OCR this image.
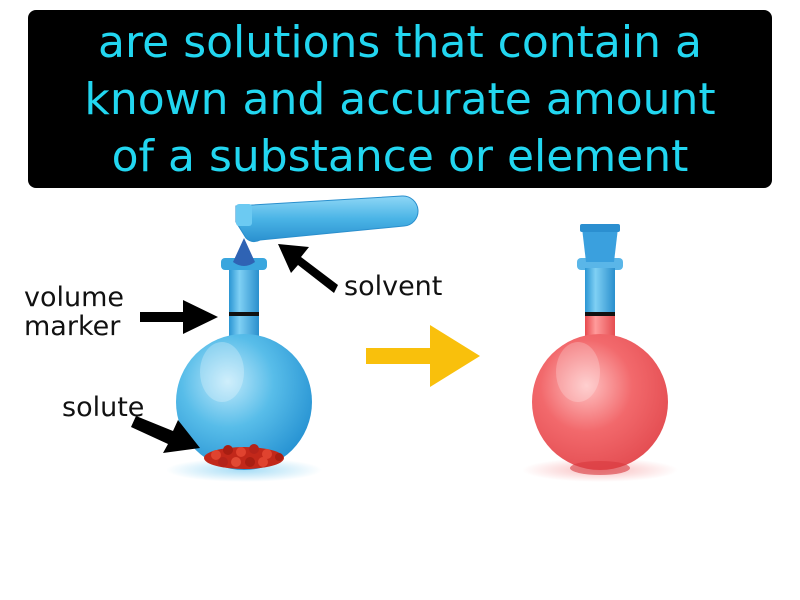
are solutions that contain a
known and accurate amount
of a substance or element
volume
marker
solvent
solute
